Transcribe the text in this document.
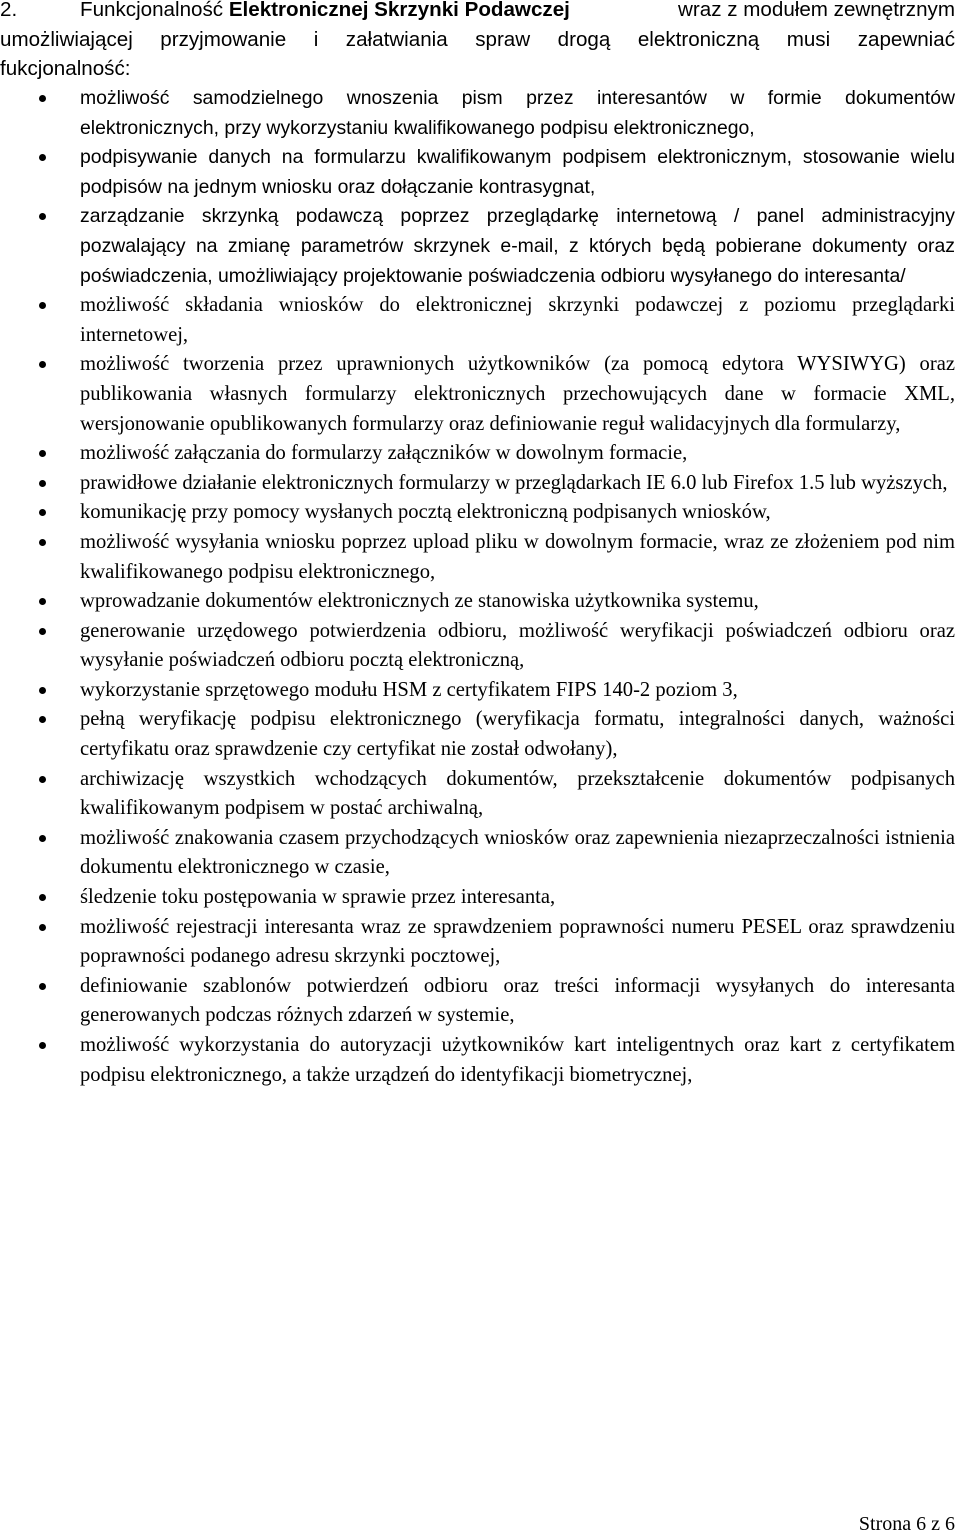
2.	Funkcjonalność Elektronicznej Skrzynki Podawczej	wraz z modułem zewnętrznym
umożliwiającej przyjmowanie i załatwiania spraw drogą elektroniczną musi zapewniać
fukcjonalność:
możliwość samodzielnego wnoszenia pism przez interesantów w formie dokumentów elektronicznych, przy wykorzystaniu kwalifikowanego podpisu elektronicznego,
podpisywanie danych na formularzu kwalifikowanym podpisem elektronicznym, stosowanie wielu podpisów na jednym wniosku oraz dołączanie kontrasygnat,
zarządzanie skrzynką podawczą poprzez przeglądarkę internetową / panel administracyjny pozwalający na zmianę parametrów skrzynek e-mail, z których będą pobierane dokumenty oraz poświadczenia, umożliwiający projektowanie poświadczenia odbioru wysyłanego do interesanta/
możliwość składania wniosków do elektronicznej skrzynki podawczej z poziomu przeglądarki internetowej,
możliwość tworzenia przez uprawnionych użytkowników (za pomocą edytora WYSIWYG) oraz publikowania własnych formularzy elektronicznych przechowujących dane w formacie XML, wersjonowanie opublikowanych formularzy oraz definiowanie reguł walidacyjnych dla formularzy,
możliwość załączania do formularzy załączników w dowolnym formacie,
prawidłowe działanie elektronicznych formularzy w przeglądarkach IE 6.0 lub Firefox 1.5 lub wyższych,
komunikację przy pomocy wysłanych pocztą elektroniczną podpisanych wniosków,
możliwość wysyłania wniosku poprzez upload pliku w dowolnym formacie, wraz ze złożeniem pod nim kwalifikowanego podpisu elektronicznego,
wprowadzanie dokumentów elektronicznych ze stanowiska użytkownika systemu,
generowanie urzędowego potwierdzenia odbioru, możliwość weryfikacji poświadczeń odbioru oraz wysyłanie poświadczeń odbioru pocztą elektroniczną,
wykorzystanie sprzętowego modułu HSM z certyfikatem FIPS 140-2 poziom 3,
pełną weryfikację podpisu elektronicznego (weryfikacja formatu, integralności danych, ważności certyfikatu oraz sprawdzenie czy certyfikat nie został odwołany),
archiwizację wszystkich wchodzących dokumentów, przekształcenie dokumentów podpisanych kwalifikowanym podpisem w postać archiwalną,
możliwość znakowania czasem przychodzących wniosków oraz zapewnienia niezaprzeczalności istnienia dokumentu elektronicznego w czasie,
śledzenie toku postępowania w sprawie przez interesanta,
możliwość rejestracji interesanta wraz ze sprawdzeniem poprawności numeru PESEL oraz sprawdzeniu poprawności podanego adresu skrzynki pocztowej,
definiowanie szablonów potwierdzeń odbioru oraz treści informacji wysyłanych do interesanta generowanych podczas różnych zdarzeń w systemie,
możliwość wykorzystania do autoryzacji użytkowników kart inteligentnych oraz kart z certyfikatem podpisu elektronicznego, a także urządzeń do identyfikacji biometrycznej,
Strona 6 z 6
